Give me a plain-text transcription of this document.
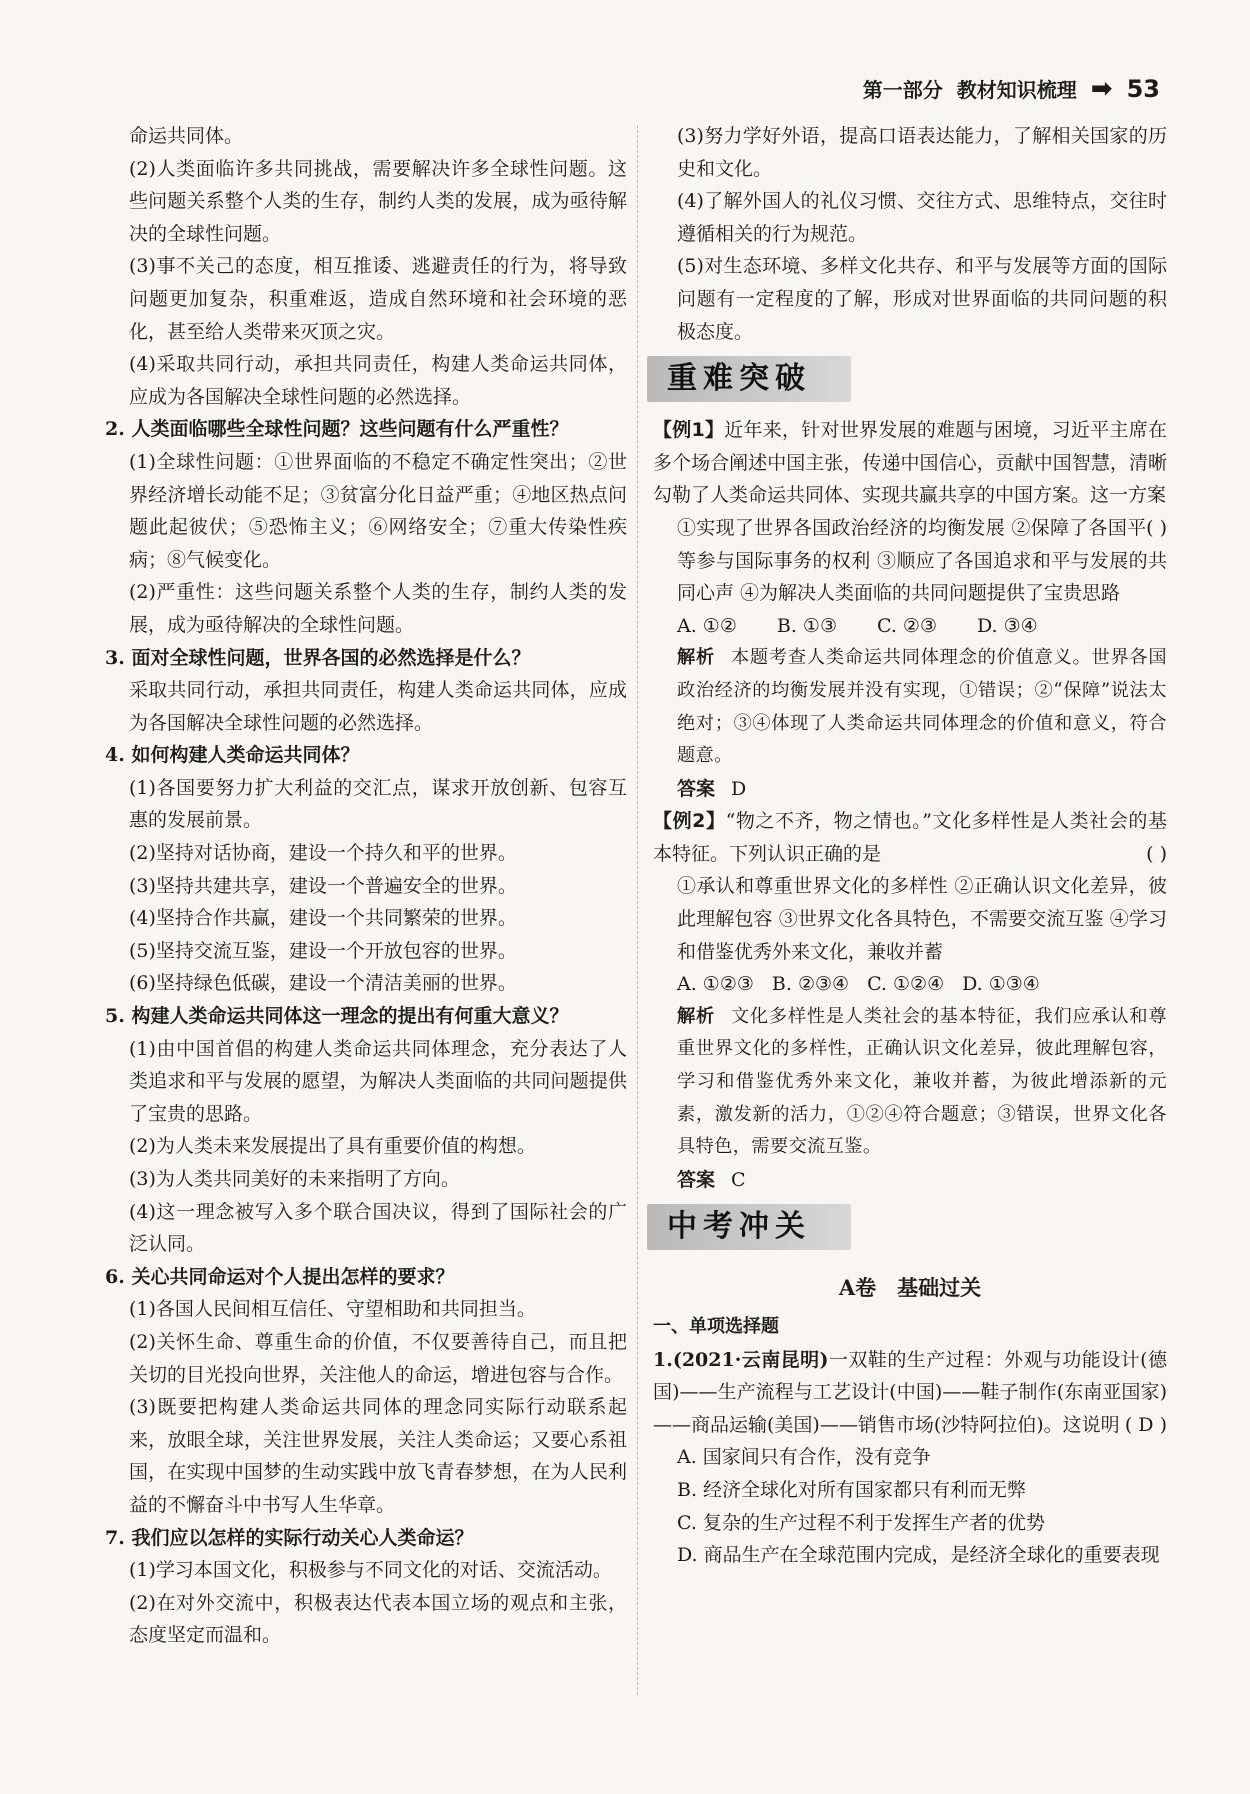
第一部分 教材知识梳理 ➡ 53

命运共同体。

(2)人类面临许多共同挑战，需要解决许多全球性问题。这些问题关系整个人类的生存，制约人类的发展，成为亟待解决的全球性问题。

(3)事不关己的态度，相互推诿、逃避责任的行为，将导致问题更加复杂，积重难返，造成自然环境和社会环境的恶化，甚至给人类带来灭顶之灾。

(4)采取共同行动，承担共同责任，构建人类命运共同体，应成为各国解决全球性问题的必然选择。

2. 人类面临哪些全球性问题？这些问题有什么严重性？

(1)全球性问题：①世界面临的不稳定不确定性突出；②世界经济增长动能不足；③贫富分化日益严重；④地区热点问题此起彼伏；⑤恐怖主义；⑥网络安全；⑦重大传染性疾病；⑧气候变化。

(2)严重性：这些问题关系整个人类的生存，制约人类的发展，成为亟待解决的全球性问题。

3. 面对全球性问题，世界各国的必然选择是什么？

采取共同行动，承担共同责任，构建人类命运共同体，应成为各国解决全球性问题的必然选择。

4. 如何构建人类命运共同体？

(1)各国要努力扩大利益的交汇点，谋求开放创新、包容互惠的发展前景。

(2)坚持对话协商，建设一个持久和平的世界。

(3)坚持共建共享，建设一个普遍安全的世界。

(4)坚持合作共赢，建设一个共同繁荣的世界。

(5)坚持交流互鉴，建设一个开放包容的世界。

(6)坚持绿色低碳，建设一个清洁美丽的世界。

5. 构建人类命运共同体这一理念的提出有何重大意义？

(1)由中国首倡的构建人类命运共同体理念，充分表达了人类追求和平与发展的愿望，为解决人类面临的共同问题提供了宝贵的思路。

(2)为人类未来发展提出了具有重要价值的构想。

(3)为人类共同美好的未来指明了方向。

(4)这一理念被写入多个联合国决议，得到了国际社会的广泛认同。

6. 关心共同命运对个人提出怎样的要求？

(1)各国人民间相互信任、守望相助和共同担当。

(2)关怀生命、尊重生命的价值，不仅要善待自己，而且把关切的目光投向世界，关注他人的命运，增进包容与合作。

(3)既要把构建人类命运共同体的理念同实际行动联系起来，放眼全球，关注世界发展，关注人类命运；又要心系祖国，在实现中国梦的生动实践中放飞青春梦想，在为人民利益的不懈奋斗中书写人生华章。

7. 我们应以怎样的实际行动关心人类命运？

(1)学习本国文化，积极参与不同文化的对话、交流活动。

(2)在对外交流中，积极表达代表本国立场的观点和主张，态度坚定而温和。

(3)努力学好外语，提高口语表达能力，了解相关国家的历史和文化。

(4)了解外国人的礼仪习惯、交往方式、思维特点，交往时遵循相关的行为规范。

(5)对生态环境、多样文化共存、和平与发展等方面的国际问题有一定程度的了解，形成对世界面临的共同问题的积极态度。

重难突破

【例1】近年来，针对世界发展的难题与困境，习近平主席在多个场合阐述中国主张，传递中国信心，贡献中国智慧，清晰勾勒了人类命运共同体、实现共赢共享的中国方案。这一方案
( )

①实现了世界各国政治经济的均衡发展 ②保障了各国平等参与国际事务的权利 ③顺应了各国追求和平与发展的共同心声 ④为解决人类面临的共同问题提供了宝贵思路

A. ①② B. ①③ C. ②③ D. ③④

解析 本题考查人类命运共同体理念的价值意义。世界各国政治经济的均衡发展并没有实现，①错误；②“保障”说法太绝对；③④体现了人类命运共同体理念的价值和意义，符合题意。

答案 D

【例2】“物之不齐，物之情也。”文化多样性是人类社会的基本特征。下列认识正确的是	( )

①承认和尊重世界文化的多样性 ②正确认识文化差异，彼此理解包容 ③世界文化各具特色，不需要交流互鉴 ④学习和借鉴优秀外来文化，兼收并蓄

A. ①②③ B. ②③④ C. ①②④ D. ①③④

解析 文化多样性是人类社会的基本特征，我们应承认和尊重世界文化的多样性，正确认识文化差异，彼此理解包容，学习和借鉴优秀外来文化，兼收并蓄，为彼此增添新的元素，激发新的活力，①②④符合题意；③错误，世界文化各具特色，需要交流互鉴。

答案 C

中考冲关

A卷　基础过关

一、单项选择题

1.(2021·云南昆明)一双鞋的生产过程：外观与功能设计(德国)——生产流程与工艺设计(中国)——鞋子制作(东南亚国家)——商品运输(美国)——销售市场(沙特阿拉伯)。这说明 ( D )

A. 国家间只有合作，没有竞争

B. 经济全球化对所有国家都只有利而无弊

C. 复杂的生产过程不利于发挥生产者的优势

D. 商品生产在全球范围内完成，是经济全球化的重要表现
